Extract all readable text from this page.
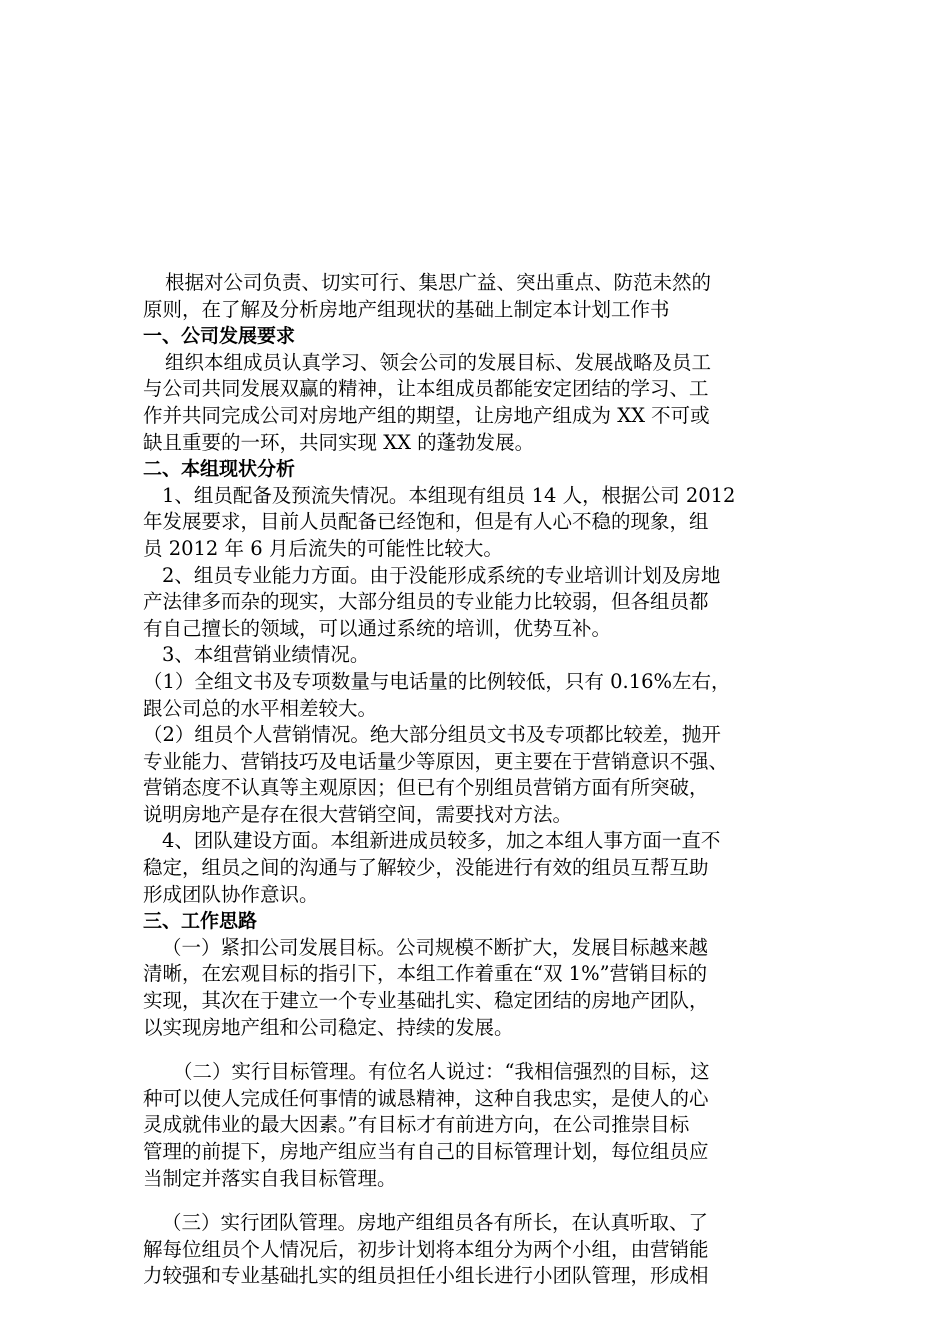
根据对公司负责、切实可行、集思广益、突出重点、防范未然的
原则，在了解及分析房地产组现状的基础上制定本计划工作书
一、公司发展要求
组织本组成员认真学习、领会公司的发展目标、发展战略及员工
与公司共同发展双赢的精神，让本组成员都能安定团结的学习、工
作并共同完成公司对房地产组的期望，让房地产组成为 XX 不可或
缺且重要的一环，共同实现 XX 的蓬勃发展。
二、本组现状分析
1、组员配备及预流失情况。本组现有组员 14 人，根据公司 2012
年发展要求，目前人员配备已经饱和，但是有人心不稳的现象，组
员 2012 年 6 月后流失的可能性比较大。
2、组员专业能力方面。由于没能形成系统的专业培训计划及房地
产法律多而杂的现实，大部分组员的专业能力比较弱，但各组员都
有自己擅长的领域，可以通过系统的培训，优势互补。
3、本组营销业绩情况。
（1）全组文书及专项数量与电话量的比例较低，只有 0.16%左右，
跟公司总的水平相差较大。
（2）组员个人营销情况。绝大部分组员文书及专项都比较差，抛开
专业能力、营销技巧及电话量少等原因，更主要在于营销意识不强、
营销态度不认真等主观原因；但已有个别组员营销方面有所突破，
说明房地产是存在很大营销空间，需要找对方法。
4、团队建设方面。本组新进成员较多，加之本组人事方面一直不
稳定，组员之间的沟通与了解较少，没能进行有效的组员互帮互助
形成团队协作意识。
三、工作思路
（一）紧扣公司发展目标。公司规模不断扩大，发展目标越来越
清晰，在宏观目标的指引下，本组工作着重在“双 1%”营销目标的
实现，其次在于建立一个专业基础扎实、稳定团结的房地产团队，
以实现房地产组和公司稳定、持续的发展。
（二）实行目标管理。有位名人说过：“我相信强烈的目标，这
种可以使人完成任何事情的诚恳精神，这种自我忠实，是使人的心
灵成就伟业的最大因素。”有目标才有前进方向，在公司推崇目标
管理的前提下，房地产组应当有自己的目标管理计划，每位组员应
当制定并落实自我目标管理。
（三）实行团队管理。房地产组组员各有所长，在认真听取、了
解每位组员个人情况后，初步计划将本组分为两个小组，由营销能
力较强和专业基础扎实的组员担任小组长进行小团队管理，形成相
